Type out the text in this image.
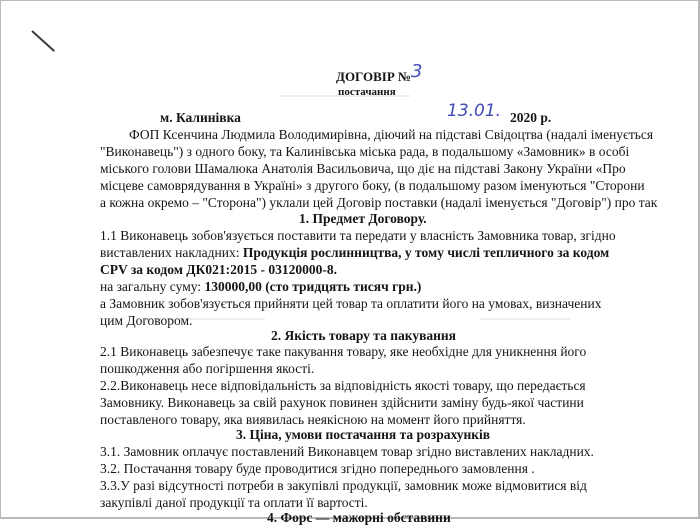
ДОГОВІР № 3
постачання
м. Калинівка	13.01. 2020 р.
ФОП Ксенчина Людмила Володимирівна, діючий на підставі Свідоцтва (надалі іменується
"Виконавець") з одного боку, та Калинівська міська рада, в подальшому «Замовник» в особі
міського голови Шамалюка Анатолія Васильовича, що діє на підставі Закону України «Про
місцеве самоврядування в Україні» з другого боку, (в подальшому разом іменуються "Сторони
а кожна окремо – "Сторона") уклали цей Договір поставки (надалі іменується "Договір") про так
1. Предмет Договору.
1.1 Виконавець зобов'язується поставити та передати у власність Замовника товар, згідно
виставлених накладних: Продукція рослинництва, у тому числі тепличного за кодом
CPV за кодом ДК021:2015 - 03120000-8.
на загальну суму: 130000,00 (сто тридцять тисяч грн.)
а Замовник зобов'язується прийняти цей товар та оплатити його на умовах, визначених
цим Договором.
2. Якість товару та пакування
2.1 Виконавець забезпечує таке пакування товару, яке необхідне для уникнення його
пошкодження або погіршення якості.
2.2.Виконавець несе відповідальність за відповідність якості товару, що передається
Замовнику. Виконавець за свій рахунок повинен здійснити заміну будь-якої частини
поставленого товару, яка виявилась неякісною на момент його прийняття.
3. Ціна, умови постачання та розрахунків
3.1. Замовник оплачує поставлений Виконавцем товар згідно виставлених накладних.
3.2. Постачання товару буде проводитися згідно попереднього замовлення .
3.3.У разі відсутності потреби в закупівлі продукції, замовник може відмовитися від
закупівлі даної продукції та оплати її вартості.
4. Форс — мажорні обставини
